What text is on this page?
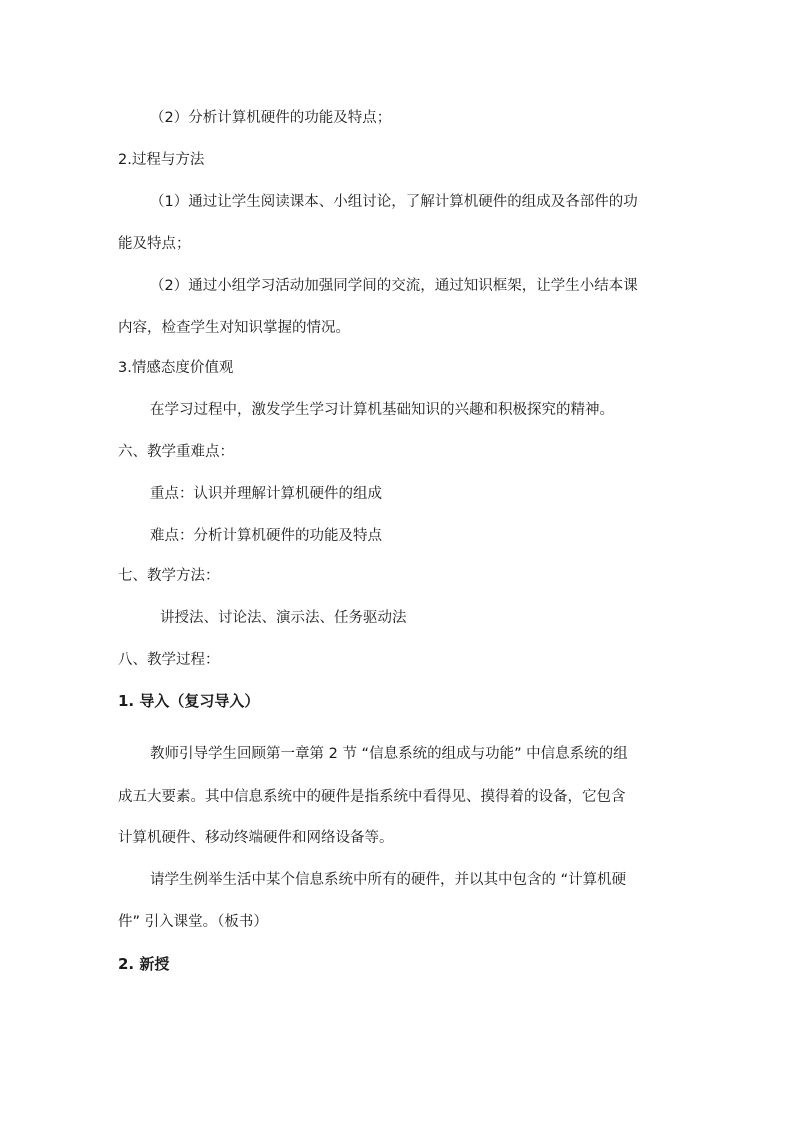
（2）分析计算机硬件的功能及特点；
2.过程与方法
（1）通过让学生阅读课本、小组讨论，了解计算机硬件的组成及各部件的功
能及特点；
（2）通过小组学习活动加强同学间的交流，通过知识框架，让学生小结本课
内容，检查学生对知识掌握的情况。
3.情感态度价值观
在学习过程中，激发学生学习计算机基础知识的兴趣和积极探究的精神。
六、教学重难点：
重点：认识并理解计算机硬件的组成
难点：分析计算机硬件的功能及特点
七、教学方法：
讲授法、讨论法、演示法、任务驱动法
八、教学过程：
1. 导入（复习导入）
教师引导学生回顾第一章第 2 节 “信息系统的组成与功能” 中信息系统的组
成五大要素。其中信息系统中的硬件是指系统中看得见、摸得着的设备，它包含
计算机硬件、移动终端硬件和网络设备等。
请学生例举生活中某个信息系统中所有的硬件，并以其中包含的 “计算机硬
件” 引入课堂。（板书）
2. 新授
